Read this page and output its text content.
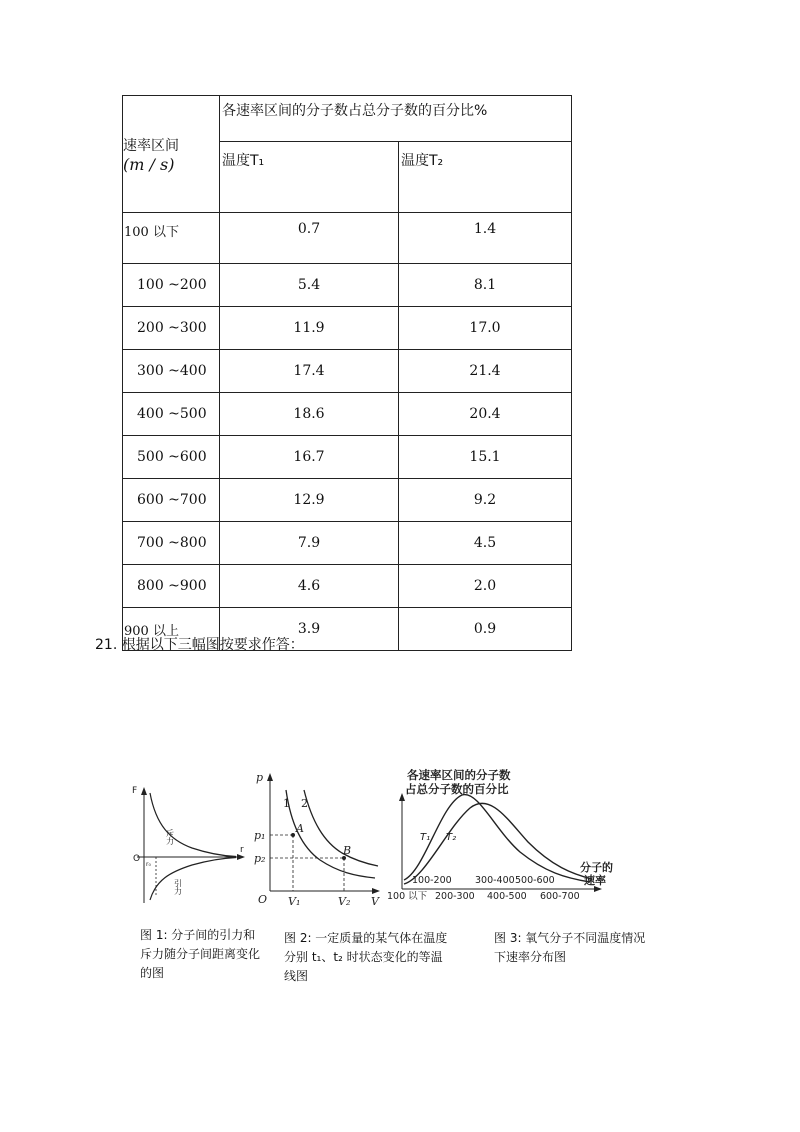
速率区间
(m / s)	各速率区间的分子数占总分子数的百分比%	
	温度T₁	温度T₂
100 以下	0.7	1.4
100 ~200	5.4	8.1
200 ~300	11.9	17.0
300 ~400	17.4	21.4
400 ~500	18.6	20.4
500 ~600	16.7	15.1
600 ~700	12.9	9.2
700 ~800	7.9	4.5
800 ~900	4.6	2.0
900 以上	3.9	0.9
21. 根据以下三幅图按要求作答：
F
r
O
r₀
斥力
引力
p
V
O
1 2
A
B
p₁
p₂
V₁	V₂
各速率区间的分子数
占总分子数的百分比
T₁ T₂
分子的
速率
100-200 300-400 500-600
100 以下 200-300 400-500 600-700
图 1: 分子间的引力和
斥力随分子间距离变化
的图
图 2: 一定质量的某气体在温度
分别 t₁、t₂ 时状态变化的等温
线图
图 3: 氧气分子不同温度情况
下速率分布图
